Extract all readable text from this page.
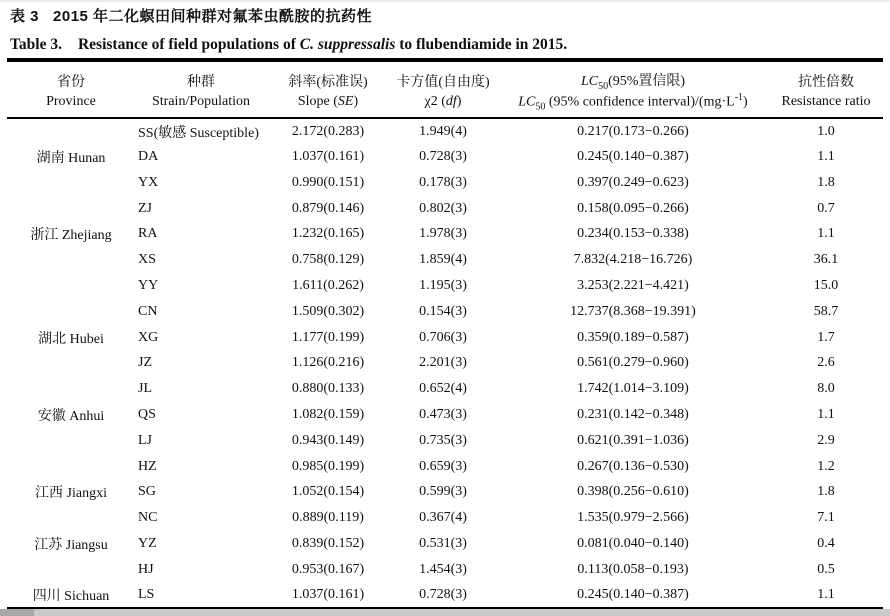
表 3 2015 年二化螟田间种群对氟苯虫酰胺的抗药性
Table 3. Resistance of field populations of C. suppressalis to flubendiamide in 2015.
省份	种群	斜率(标准误)	卡方值(自由度)	$LC_{50}(95\%$置信限)	抗性倍数
Province	Strain/Population	Slope (SE)	χ2 (df)	$LC_{50}$ (95% confidence $interval)/(mg\cdot L^{-1})$	Resistance ratio
	SS(敏感 Susceptible)	2.172(0.283)	1.949(4)	0.217(0.173−0.266)	1.0
湖南 Hunan	DA	1.037(0.161)	0.728(3)	0.245(0.140−0.387)	1.1
	YX	0.990(0.151)	0.178(3)	0.397(0.249−0.623)	1.8
	ZJ	0.879(0.146)	0.802(3)	0.158(0.095−0.266)	0.7
浙江 Zhejiang	RA	1.232(0.165)	1.978(3)	0.234(0.153−0.338)	1.1
	XS	0.758(0.129)	1.859(4)	7.832(4.218−16.726)	36.1
	YY	1.611(0.262)	1.195(3)	3.253(2.221−4.421)	15.0
	CN	1.509(0.302)	0.154(3)	12.737(8.368−19.391)	58.7
湖北 Hubei	XG	1.177(0.199)	0.706(3)	0.359(0.189−0.587)	1.7
	JZ	1.126(0.216)	2.201(3)	0.561(0.279−0.960)	2.6
	JL	0.880(0.133)	0.652(4)	1.742(1.014−3.109)	8.0
安徽 Anhui	QS	1.082(0.159)	0.473(3)	0.231(0.142−0.348)	1.1
	LJ	0.943(0.149)	0.735(3)	0.621(0.391−1.036)	2.9
	HZ	0.985(0.199)	0.659(3)	0.267(0.136−0.530)	1.2
江西 Jiangxi	SG	1.052(0.154)	0.599(3)	0.398(0.256−0.610)	1.8
	NC	0.889(0.119)	0.367(4)	1.535(0.979−2.566)	7.1
江苏 Jiangsu	YZ	0.839(0.152)	0.531(3)	0.081(0.040−0.140)	0.4
	HJ	0.953(0.167)	1.454(3)	0.113(0.058−0.193)	0.5
四川 Sichuan	LS	1.037(0.161)	0.728(3)	0.245(0.140−0.387)	1.1
